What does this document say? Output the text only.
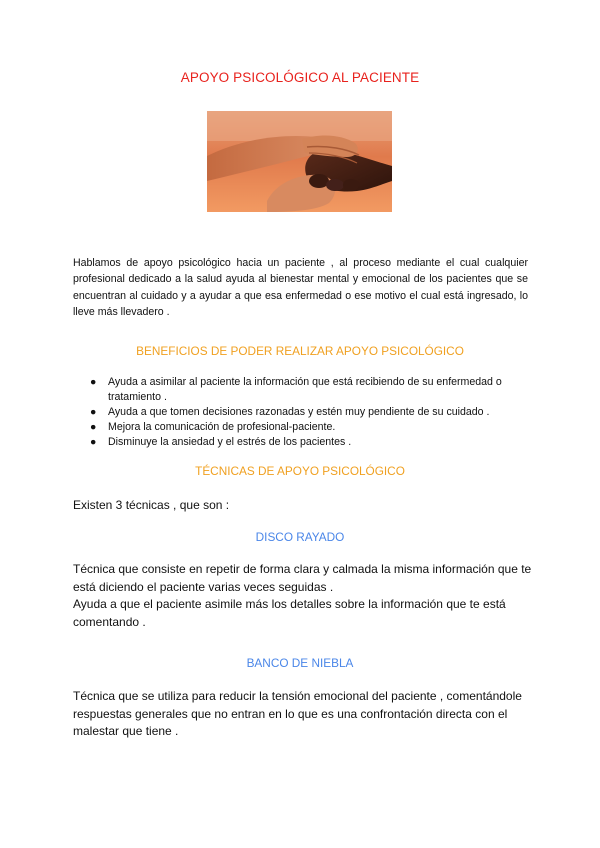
APOYO PSICOLÓGICO AL PACIENTE
Hablamos de apoyo psicológico hacia un paciente , al proceso mediante el cual cualquier profesional dedicado a la salud ayuda al bienestar mental y emocional de los pacientes que se encuentran al cuidado y a ayudar a que esa enfermedad o ese motivo el cual está ingresado, lo lleve más llevadero .
BENEFICIOS DE PODER REALIZAR APOYO PSICOLÓGICO
● Ayuda a asimilar al paciente la información que está recibiendo de su enfermedad o tratamiento .
● Ayuda a que tomen decisiones razonadas y estén muy pendiente de su cuidado .
● Mejora la comunicación de profesional-paciente.
● Disminuye la ansiedad y el estrés de los pacientes .
TÉCNICAS DE APOYO PSICOLÓGICO
Existen 3 técnicas , que son :
DISCO RAYADO
Técnica que consiste en repetir de forma clara y calmada la misma información que te está diciendo el paciente varias veces seguidas .
Ayuda a que el paciente asimile más los detalles sobre la información que te está comentando .
BANCO DE NIEBLA
Técnica que se utiliza para reducir la tensión emocional del paciente , comentándole respuestas generales que no entran en lo que es una confrontación directa con el malestar que tiene .
